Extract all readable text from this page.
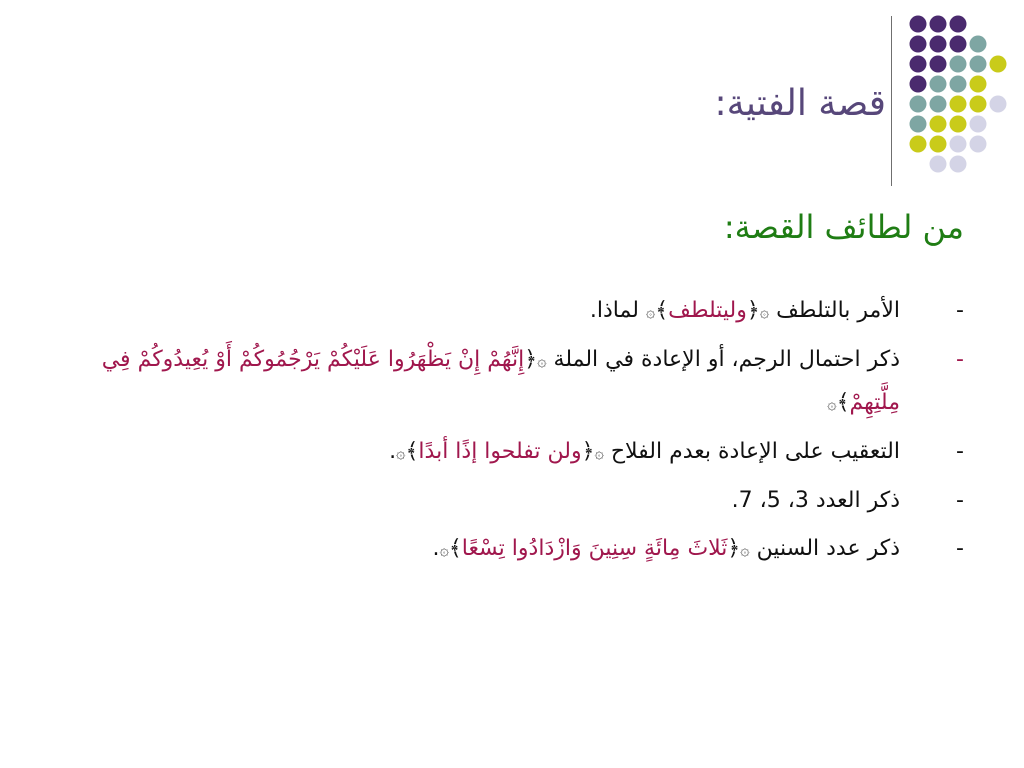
قصة الفتية:
من لطائف القصة:
-
الأمر بالتلطف ۞﴿وليتلطف﴾۞ لماذا.
-
ذكر احتمال الرجم، أو الإعادة في الملة ۞﴿إِنَّهُمْ إِنْ يَظْهَرُوا عَلَيْكُمْ يَرْجُمُوكُمْ أَوْ يُعِيدُوكُمْ فِي مِلَّتِهِمْ﴾۞
-
التعقيب على الإعادة بعدم الفلاح ۞﴿ولن تفلحوا إذًا أبدًا﴾۞.
-
ذكر العدد 3، 5، 7.
-
ذكر عدد السنين ۞﴿ثَلاثَ مِائَةٍ سِنِينَ وَازْدَادُوا تِسْعًا﴾۞.
